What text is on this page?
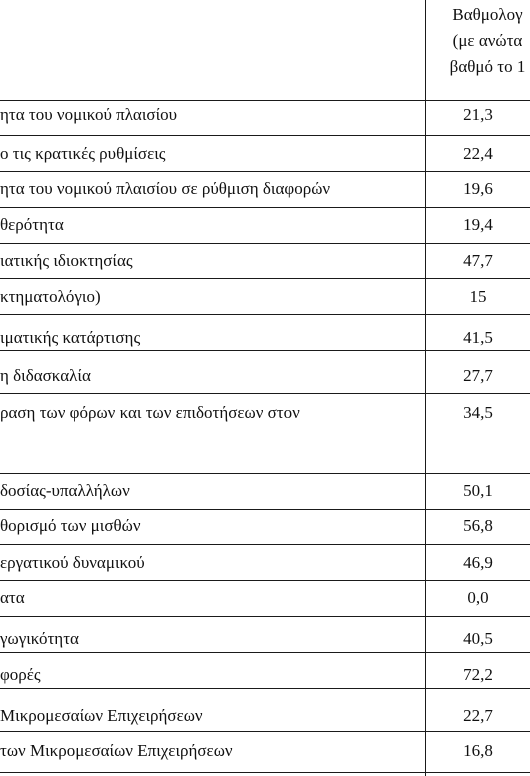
Βαθμολογ
(με ανώτα
βαθμό το 1
ητα του νομικού πλαισίου	21,3
ο τις κρατικές ρυθμίσεις	22,4
ητα του νομικού πλαισίου σε ρύθμιση διαφορών	19,6
θερότητα	19,4
ιατικής ιδιοκτησίας	47,7
κτηματολόγιο)	15
ιματικής κατάρτισης	41,5
η διδασκαλία	27,7
ραση των φόρων και των επιδοτήσεων στον	34,5
δοσίας-υπαλλήλων	50,1
θορισμό των μισθών	56,8
εργατικού δυναμικού	46,9
ατα	0,0
γωγικότητα	40,5
φορές	72,2
Μικρομεσαίων Επιχειρήσεων	22,7
των Μικρομεσαίων Επιχειρήσεων	16,8
